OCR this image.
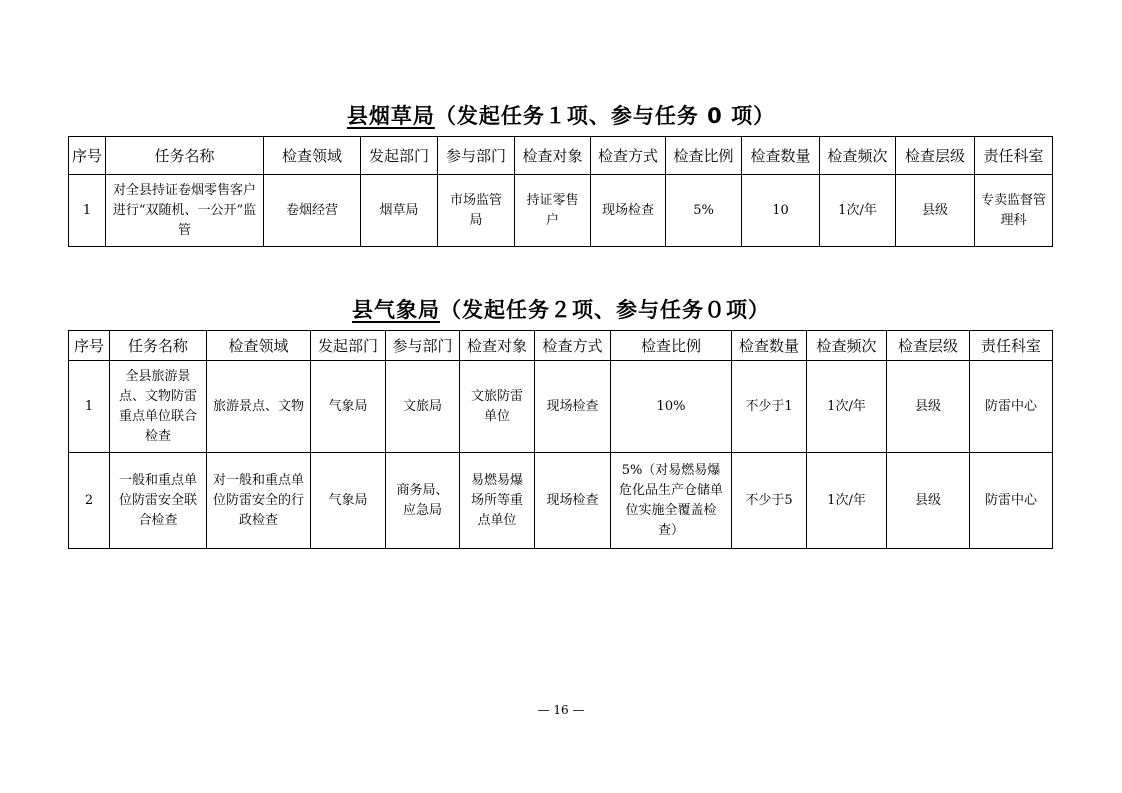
县烟草局（发起任务１项、参与任务 0 项）
序号	任务名称	检查领域	发起部门	参与部门	检查对象	检查方式	检查比例	检查数量	检查频次	检查层级	责任科室
1	对全县持证卷烟零售客户进行“双随机、一公开”监管	卷烟经营	烟草局	市场监管局	持证零售户	现场检查	5%	10	1次/年	县级	专卖监督管理科
县气象局（发起任务２项、参与任务０项）
序号	任务名称	检查领域	发起部门	参与部门	检查对象	检查方式	检查比例	检查数量	检查频次	检查层级	责任科室
1	全县旅游景点、文物防雷重点单位联合检查	旅游景点、文物	气象局	文旅局	文旅防雷单位	现场检查	10%	不少于1	1次/年	县级	防雷中心
2	一般和重点单位防雷安全联合检查	对一般和重点单位防雷安全的行政检查	气象局	商务局、应急局	易燃易爆场所等重点单位	现场检查	5%（对易燃易爆危化品生产仓储单位实施全覆盖检查）	不少于5	1次/年	县级	防雷中心
— 16 —
